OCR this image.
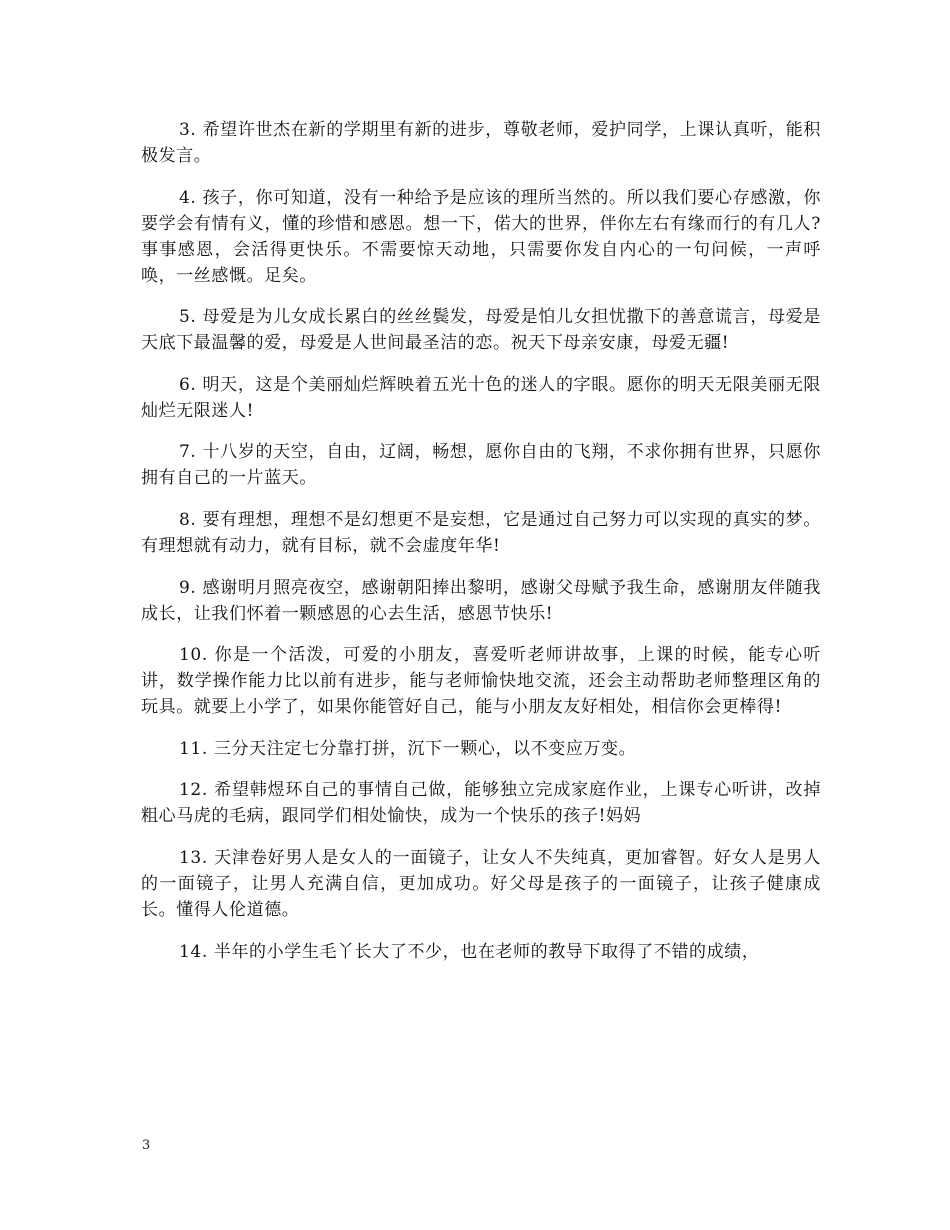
3. 希望许世杰在新的学期里有新的进步，尊敬老师，爱护同学，上课认真听，能积极发言。

4. 孩子，你可知道，没有一种给予是应该的理所当然的。所以我们要心存感激，你要学会有情有义，懂的珍惜和感恩。想一下，偌大的世界，伴你左右有缘而行的有几人?事事感恩，会活得更快乐。不需要惊天动地，只需要你发自内心的一句问候，一声呼唤，一丝感慨。足矣。

5. 母爱是为儿女成长累白的丝丝鬓发，母爱是怕儿女担忧撒下的善意谎言，母爱是天底下最温馨的爱，母爱是人世间最圣洁的恋。祝天下母亲安康，母爱无疆!

6. 明天，这是个美丽灿烂辉映着五光十色的迷人的字眼。愿你的明天无限美丽无限灿烂无限迷人!

7. 十八岁的天空，自由，辽阔，畅想，愿你自由的飞翔，不求你拥有世界，只愿你拥有自己的一片蓝天。

8. 要有理想，理想不是幻想更不是妄想，它是通过自己努力可以实现的真实的梦。有理想就有动力，就有目标，就不会虚度年华!

9. 感谢明月照亮夜空，感谢朝阳捧出黎明，感谢父母赋予我生命，感谢朋友伴随我成长，让我们怀着一颗感恩的心去生活，感恩节快乐!

10. 你是一个活泼，可爱的小朋友，喜爱听老师讲故事，上课的时候，能专心听讲，数学操作能力比以前有进步，能与老师愉快地交流，还会主动帮助老师整理区角的玩具。就要上小学了，如果你能管好自己，能与小朋友友好相处，相信你会更棒得!

11. 三分天注定七分靠打拼，沉下一颗心，以不变应万变。

12. 希望韩煜环自己的事情自己做，能够独立完成家庭作业，上课专心听讲，改掉粗心马虎的毛病，跟同学们相处愉快，成为一个快乐的孩子!妈妈

13. 天津卷好男人是女人的一面镜子，让女人不失纯真，更加睿智。好女人是男人的一面镜子，让男人充满自信，更加成功。好父母是孩子的一面镜子，让孩子健康成长。懂得人伦道德。

14. 半年的小学生毛丫长大了不少，也在老师的教导下取得了不错的成绩，

3
